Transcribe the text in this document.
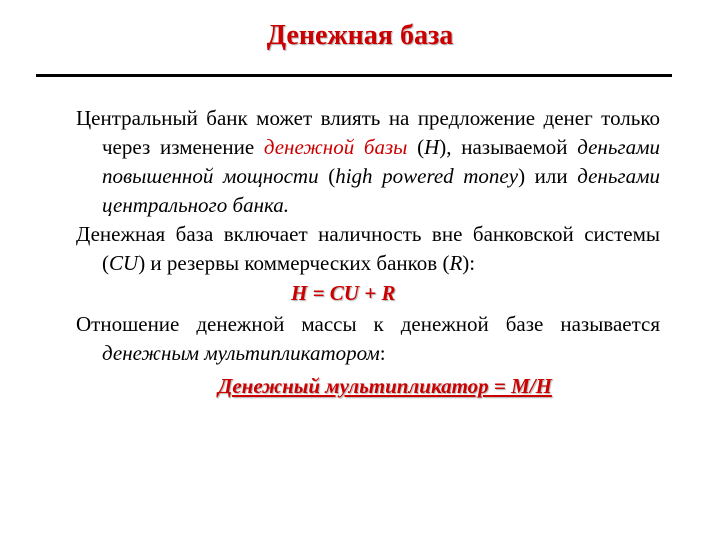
Денежная база
Центральный банк может влиять на предложение денег только через изменение денежной базы (H), называемой деньгами повышенной мощности (high powered money) или деньгами центрального банка.
Денежная база включает наличность вне банковской системы (CU) и резервы коммерческих банков (R):
H = CU + R
Отношение денежной массы к денежной базе называется денежным мультипликатором:
Денежный мультипликатор = M/H
